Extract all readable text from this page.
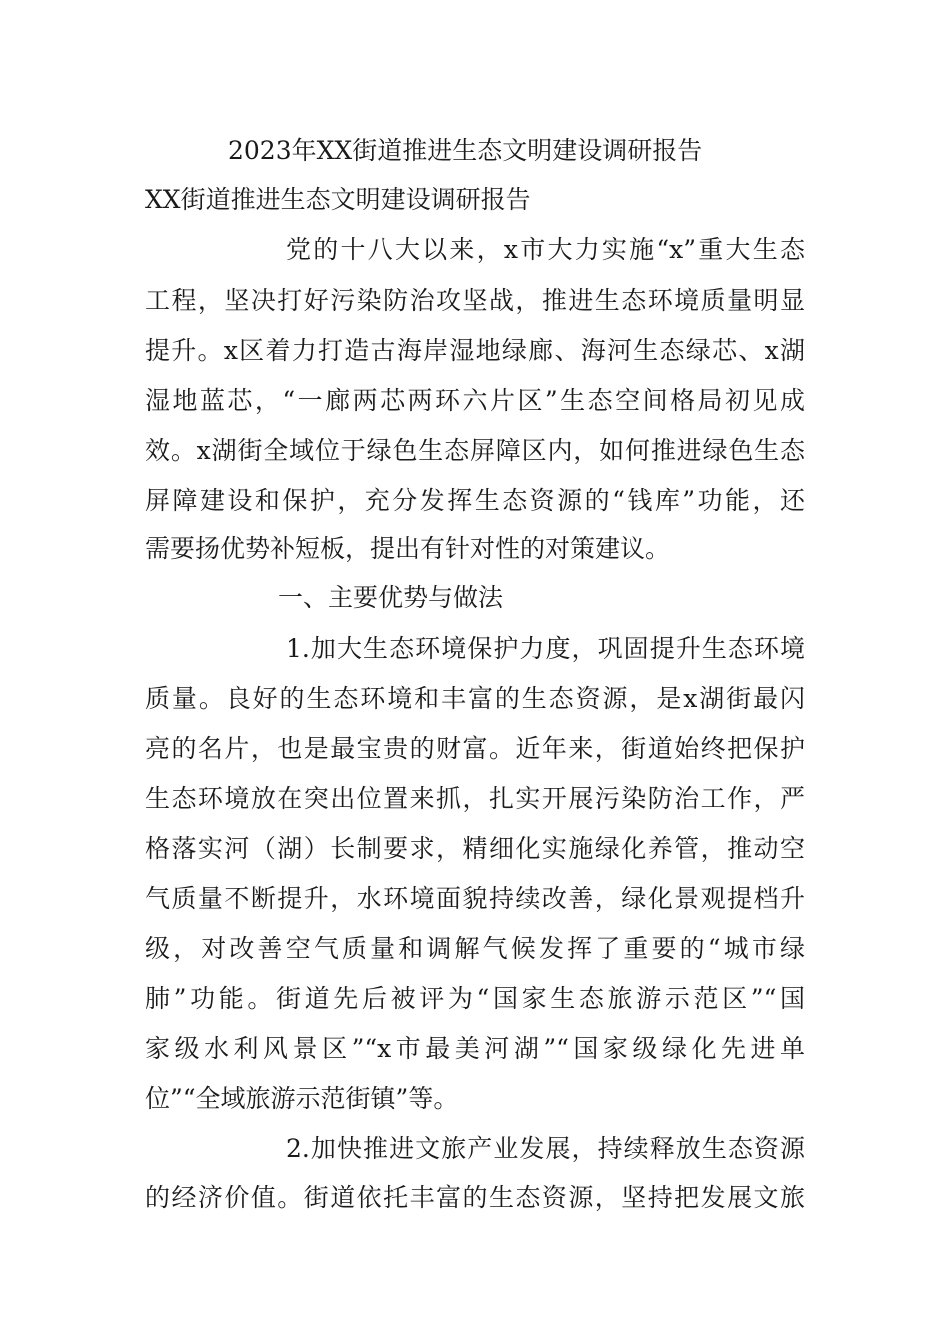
2023年XX街道推进生态文明建设调研报告
XX街道推进生态文明建设调研报告
党的十八大以来，x市大力实施“x”重大生态
工程，坚决打好污染防治攻坚战，推进生态环境质量明显
提升。x区着力打造古海岸湿地绿廊、海河生态绿芯、x湖
湿地蓝芯，“一廊两芯两环六片区”生态空间格局初见成
效。x湖街全域位于绿色生态屏障区内，如何推进绿色生态
屏障建设和保护，充分发挥生态资源的“钱库”功能，还
需要扬优势补短板，提出有针对性的对策建议。
一、主要优势与做法
1.加大生态环境保护力度，巩固提升生态环境
质量。良好的生态环境和丰富的生态资源，是x湖街最闪
亮的名片，也是最宝贵的财富。近年来，街道始终把保护
生态环境放在突出位置来抓，扎实开展污染防治工作，严
格落实河（湖）长制要求，精细化实施绿化养管，推动空
气质量不断提升，水环境面貌持续改善，绿化景观提档升
级，对改善空气质量和调解气候发挥了重要的“城市绿
肺”功能。街道先后被评为“国家生态旅游示范区”“国
家级水利风景区”“x市最美河湖”“国家级绿化先进单
位”“全域旅游示范街镇”等。
2.加快推进文旅产业发展，持续释放生态资源
的经济价值。街道依托丰富的生态资源，坚持把发展文旅
